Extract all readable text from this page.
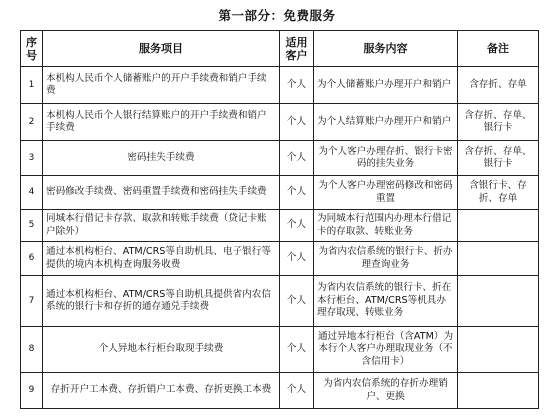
第一部分：免费服务
序号	服务项目	适用客户	服务内容	备注
1	本机构人民币个人储蓄账户的开户手续费和销户手续费	个人	为个人储蓄账户办理开户和销户	含存折、存单
2	本机构人民币个人银行结算账户的开户手续费和销户手续费	个人	为个人结算账户办理开户和销户	含存折、存单、银行卡
3	密码挂失手续费	个人	为个人客户办理存折、银行卡密码的挂失业务	含存折、存单、银行卡
4	密码修改手续费、密码重置手续费和密码挂失手续费	个人	为个人客户办理密码修改和密码重置	含银行卡、存折、存单
5	同城本行借记卡存款、取款和转账手续费（贷记卡账户除外）	个人	为同城本行范围内办理本行借记卡的存取款、转账业务	
6	通过本机构柜台、ATM/CRS等自助机具、电子银行等提供的境内本机构查询服务收费	个人	为省内农信系统的银行卡、折办理查询业务	
7	通过本机构柜台、ATM/CRS等自助机具提供省内农信系统的银行卡和存折的通存通兑手续费	个人	为省内农信系统的银行卡、折在本行柜台、ATM/CRS等机具办理存取现、转账业务	
8	个人异地本行柜台取现手续费	个人	通过异地本行柜台（含ATM）为本行个人客户办理取现业务（不含信用卡）	
9	存折开户工本费、存折销户工本费、存折更换工本费	个人	为省内农信系统的存折办理销户、更换	
